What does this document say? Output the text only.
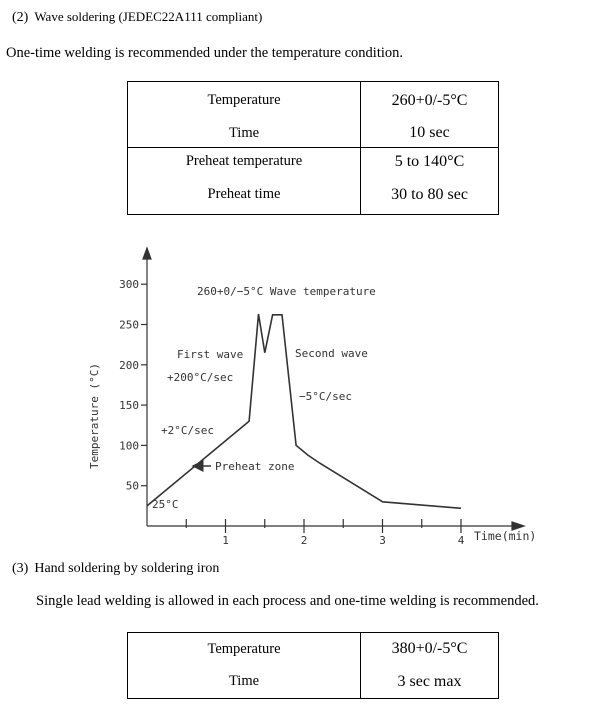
(2) Wave soldering (JEDEC22A111 compliant)
One-time welding is recommended under the temperature condition.
Temperature	260+0/-5°C
Time	10 sec
Preheat temperature	5 to 140°C
Preheat time	30 to 80 sec
300
250
200
150
100
50
1	2	3	4
Temperature (°C)
Time(min)
260+0/−5°C Wave temperature
First wave
+200°C/sec
Second wave
−5°C/sec
+2°C/sec
Preheat zone
25°C
(3) Hand soldering by soldering iron
Single lead welding is allowed in each process and one-time welding is recommended.
Temperature	380+0/-5°C
Time	3 sec max
